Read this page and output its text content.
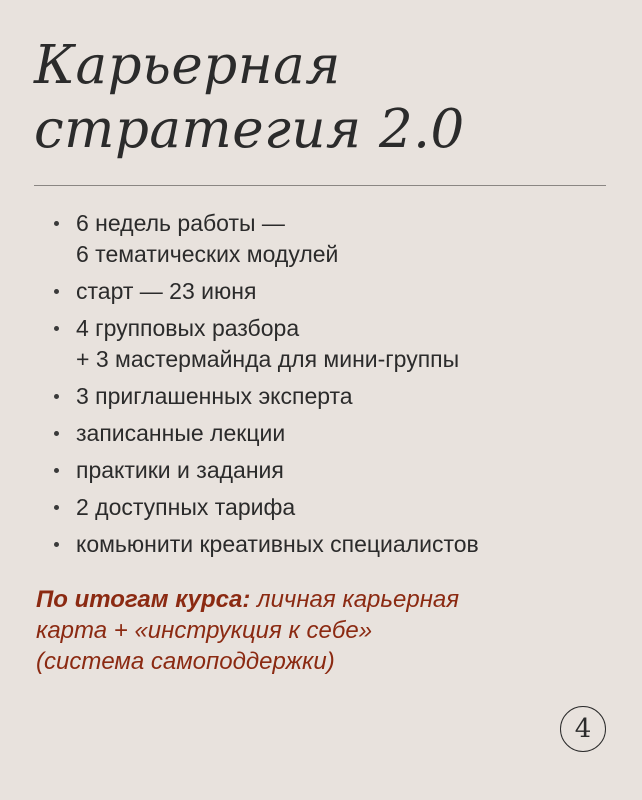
Карьерная
стратегия 2.0
6 недель работы —
6 тематических модулей
старт — 23 июня
4 групповых разбора
+ 3 мастермайнда для мини-группы
3 приглашенных эксперта
записанные лекции
практики и задания
2 доступных тарифа
комьюнити креативных специалистов
По итогам курса: личная карьерная
карта + «инструкция к себе»
(система самоподдержки)
4
